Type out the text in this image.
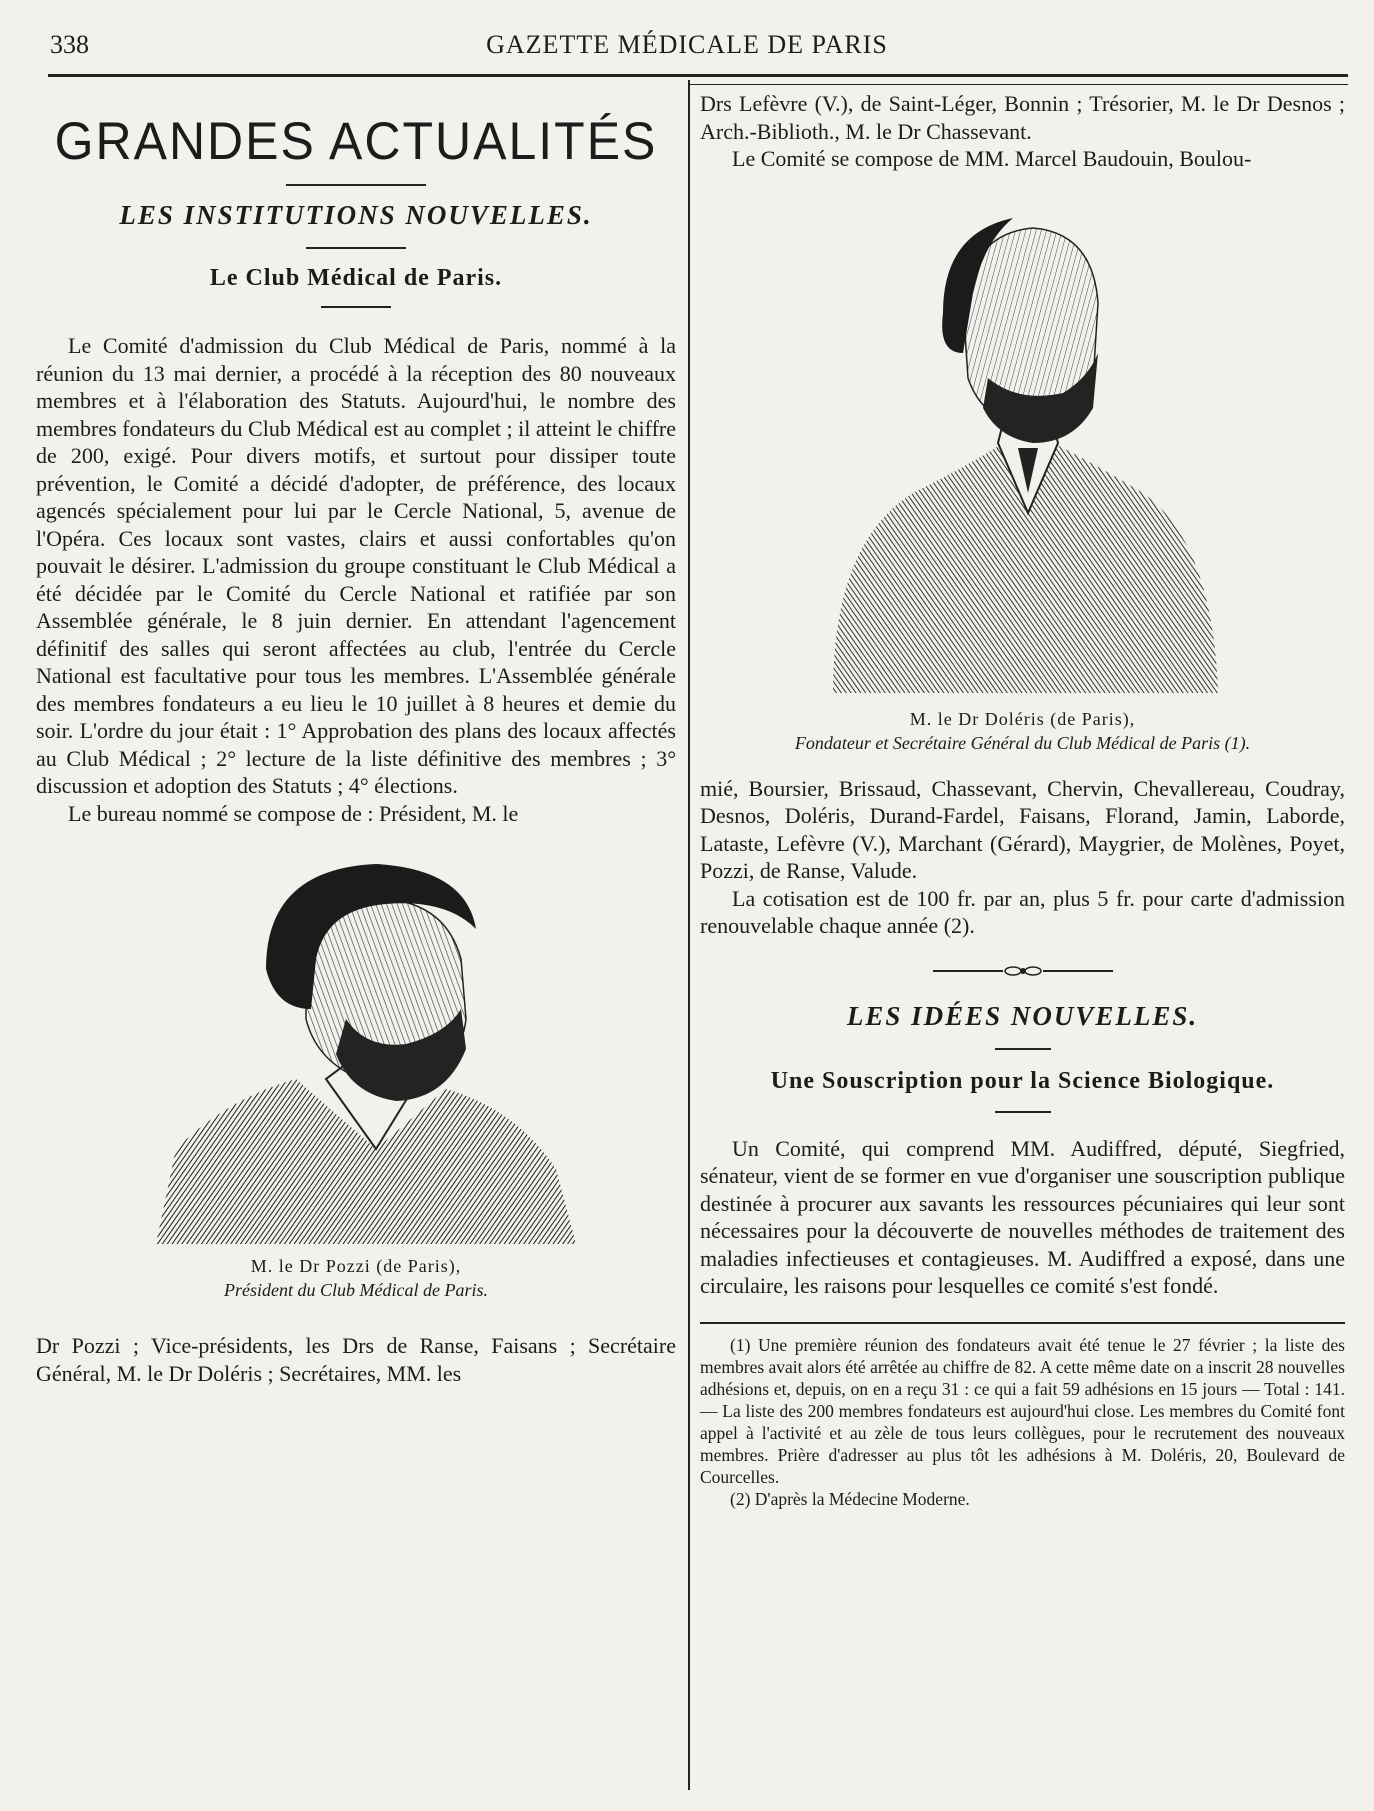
338	GAZETTE MÉDICALE DE PARIS
GRANDES ACTUALITÉS
LES INSTITUTIONS NOUVELLES.
Le Club Médical de Paris.

Le Comité d'admission du Club Médical de Paris, nommé à la réunion du 13 mai dernier, a procédé à la réception des 80 nouveaux membres et à l'élaboration des Statuts. Aujourd'hui, le nombre des membres fondateurs du Club Médical est au complet ; il atteint le chiffre de 200, exigé. Pour divers motifs, et surtout pour dissiper toute prévention, le Comité a décidé d'adopter, de préférence, des locaux agencés spécialement pour lui par le Cercle National, 5, avenue de l'Opéra. Ces locaux sont vastes, clairs et aussi confortables qu'on pouvait le désirer. L'admission du groupe constituant le Club Médical a été décidée par le Comité du Cercle National et ratifiée par son Assemblée générale, le 8 juin dernier. En attendant l'agencement définitif des salles qui seront affectées au club, l'entrée du Cercle National est facultative pour tous les membres. L'Assemblée générale des membres fondateurs a eu lieu le 10 juillet à 8 heures et demie du soir. L'ordre du jour était : 1° Approbation des plans des locaux affectés au Club Médical ; 2° lecture de la liste définitive des membres ; 3° discussion et adoption des Statuts ; 4° élections.

Le bureau nommé se compose de : Président, M. le

M. le Dr Pozzi (de Paris),
Président du Club Médical de Paris.

Dr Pozzi ; Vice-présidents, les Drs de Ranse, Faisans ; Secrétaire Général, M. le Dr Doléris ; Secrétaires, MM. les

Drs Lefèvre (V.), de Saint-Léger, Bonnin ; Trésorier, M. le Dr Desnos ; Arch.-Biblioth., M. le Dr Chassevant.

Le Comité se compose de MM. Marcel Baudouin, Boulou-

M. le Dr Doléris (de Paris),
Fondateur et Secrétaire Général du Club Médical de Paris (1).

mié, Boursier, Brissaud, Chassevant, Chervin, Chevallereau, Coudray, Desnos, Doléris, Durand-Fardel, Faisans, Florand, Jamin, Laborde, Lataste, Lefèvre (V.), Marchant (Gérard), Maygrier, de Molènes, Poyet, Pozzi, de Ranse, Valude.

La cotisation est de 100 fr. par an, plus 5 fr. pour carte d'admission renouvelable chaque année (2).

LES IDÉES NOUVELLES.
Une Souscription pour la Science Biologique.

Un Comité, qui comprend MM. Audiffred, député, Siegfried, sénateur, vient de se former en vue d'organiser une souscription publique destinée à procurer aux savants les ressources pécuniaires qui leur sont nécessaires pour la découverte de nouvelles méthodes de traitement des maladies infectieuses et contagieuses. M. Audiffred a exposé, dans une circulaire, les raisons pour lesquelles ce comité s'est fondé.

(1) Une première réunion des fondateurs avait été tenue le 27 février ; la liste des membres avait alors été arrêtée au chiffre de 82. A cette même date on a inscrit 28 nouvelles adhésions et, depuis, on en a reçu 31 : ce qui a fait 59 adhésions en 15 jours — Total : 141. — La liste des 200 membres fondateurs est aujourd'hui close. Les membres du Comité font appel à l'activité et au zèle de tous leurs collègues, pour le recrutement des nouveaux membres. Prière d'adresser au plus tôt les adhésions à M. Doléris, 20, Boulevard de Courcelles.

(2) D'après la Médecine Moderne.
